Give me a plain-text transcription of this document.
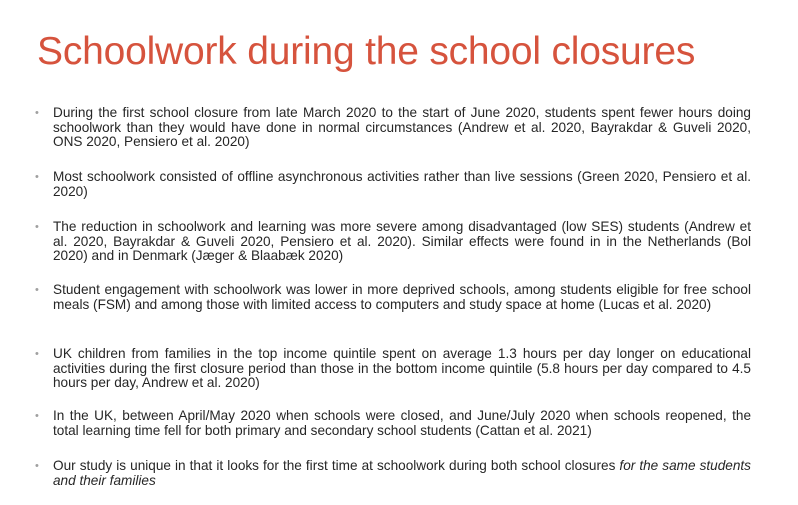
Schoolwork during the school closures
• During the first school closure from late March 2020 to the start of June 2020, students spent fewer hours doing schoolwork than they would have done in normal circumstances (Andrew et al. 2020, Bayrakdar & Guveli 2020, ONS 2020, Pensiero et al. 2020)
• Most schoolwork consisted of offline asynchronous activities rather than live sessions (Green 2020, Pensiero et al. 2020)
• The reduction in schoolwork and learning was more severe among disadvantaged (low SES) students (Andrew et al. 2020, Bayrakdar & Guveli 2020, Pensiero et al. 2020). Similar effects were found in in the Netherlands (Bol 2020) and in Denmark (Jæger & Blaabæk 2020)
• Student engagement with schoolwork was lower in more deprived schools, among students eligible for free school meals (FSM) and among those with limited access to computers and study space at home (Lucas et al. 2020)
• UK children from families in the top income quintile spent on average 1.3 hours per day longer on educational activities during the first closure period than those in the bottom income quintile (5.8 hours per day compared to 4.5 hours per day, Andrew et al. 2020)
• In the UK, between April/May 2020 when schools were closed, and June/July 2020 when schools reopened, the total learning time fell for both primary and secondary school students (Cattan et al. 2021)
• Our study is unique in that it looks for the first time at schoolwork during both school closures for the same students and their families
